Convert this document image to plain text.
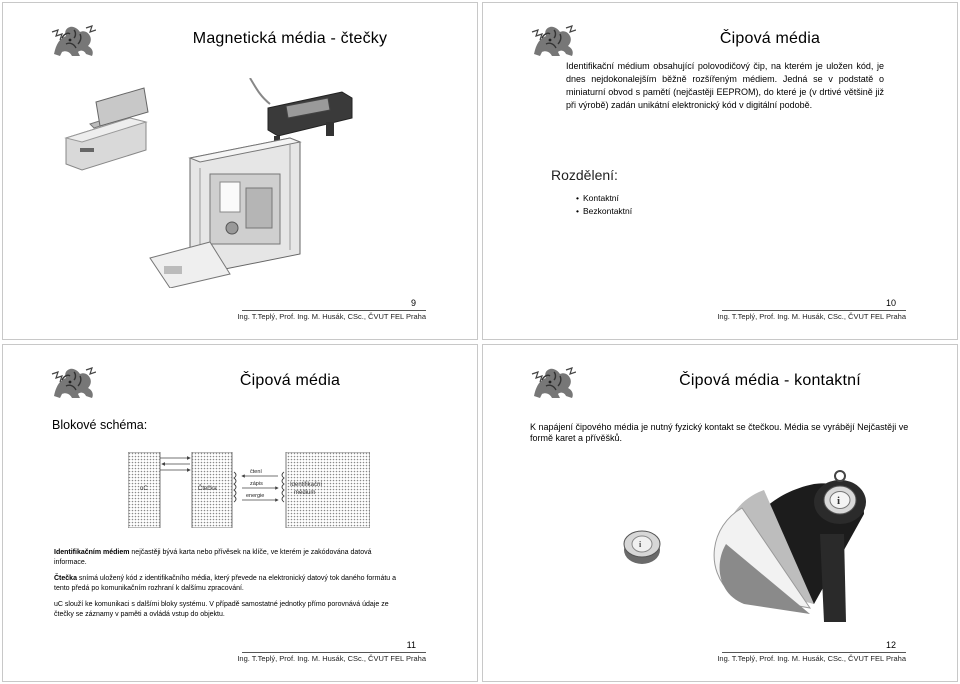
Magnetická média - čtečky
9
Ing. T.Teplý, Prof. Ing. M. Husák, CSc., ČVUT FEL Praha
Čipová média
Identifikační médium obsahující polovodičový čip, na kterém je uložen kód, je dnes nejdokonalejším běžně rozšířeným médiem. Jedná se v podstatě o miniaturní obvod s pamětí (nejčastěji EEPROM), do které je (v drtivé většině již při výrobě) zadán unikátní elektronický kód v digitální podobě.
Rozdělení:
• Kontaktní
• Bezkontaktní
10
Ing. T.Teplý, Prof. Ing. M. Husák, CSc., ČVUT FEL Praha
Čipová média
Blokové schéma:
uC	Čtečka
Identifikační
médium
čtení
zápis
energie

Identifikačním médiem nejčastěji bývá karta nebo přívěsek na klíče, ve kterém je zakódována datová informace.

Čtečka snímá uložený kód z identifikačního média, který převede na elektronický datový tok daného formátu a tento předá po komunikačním rozhraní k dalšímu zpracování.

uC slouží ke komunikaci s dalšími bloky systému. V případě samostatné jednotky přímo porovnává údaje ze čtečky se záznamy v paměti a ovládá vstup do objektu.

11
Ing. T.Teplý, Prof. Ing. M. Husák, CSc., ČVUT FEL Praha
Čipová média - kontaktní
K napájení čipového média je nutný fyzický kontakt se čtečkou. Média se vyrábějí Nejčastěji ve formě karet a přívěšků.
i
i
12
Ing. T.Teplý, Prof. Ing. M. Husák, CSc., ČVUT FEL Praha
